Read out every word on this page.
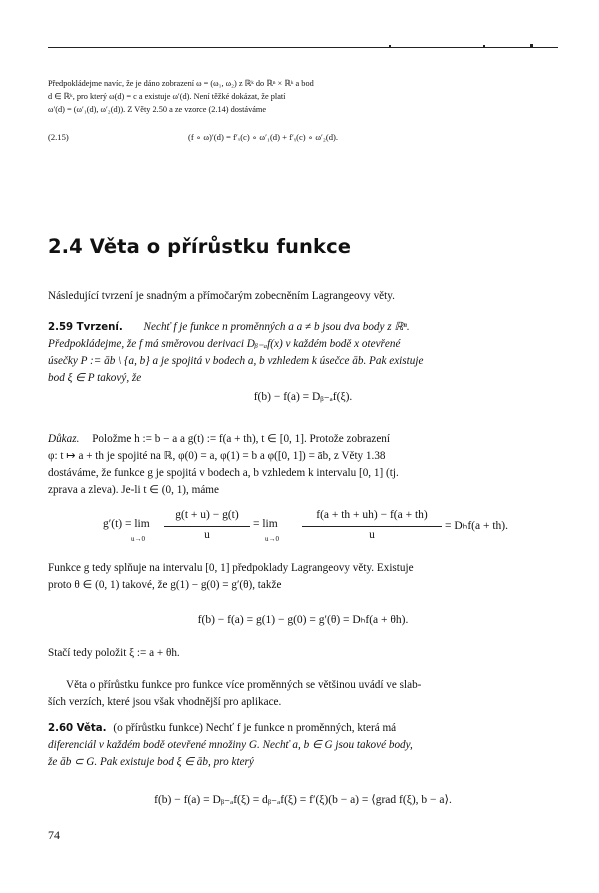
Předpokládejme navíc, že je dáno zobrazení ω = (ω₁, ω₂) z ℝᵏ do ℝⁿ × ℝᵏ a bod
d ∈ ℝᵏ, pro který ω(d) = c a existuje ω′(d). Není těžké dokázat, že platí
ω′(d) = (ω′₁(d), ω′₂(d)). Z Věty 2.50 a ze vzorce (2.14) dostáváme
(2.15)	(f ∘ ω)′(d) = f′ₓ(c) ∘ ω′₁(d) + f′ᵧ(c) ∘ ω′₂(d).
2.4 Věta o přírůstku funkce
Následující tvrzení je snadným a přímočarým zobecněním Lagrangeovy věty.
2.59 Tvrzení. Nechť f je funkce n proměnných a a ≠ b jsou dva body z ℝⁿ.
Předpokládejme, že f má směrovou derivaci Dᵦ₋ₐf(x) v každém bodě x otevřené
úsečky P := āb \ {a, b} a je spojitá v bodech a, b vzhledem k úsečce āb. Pak existuje
bod ξ ∈ P takový, že
f(b) − f(a) = Dᵦ₋ₐf(ξ).
Důkaz. Položme h := b − a a g(t) := f(a + th), t ∈ [0, 1]. Protože zobrazení
φ: t ↦ a + th je spojité na ℝ, φ(0) = a, φ(1) = b a φ([0, 1]) = āb, z Věty 1.38
dostáváme, že funkce g je spojitá v bodech a, b vzhledem k intervalu [0, 1] (tj.
zprava a zleva). Je-li t ∈ (0, 1), máme
g′(t) = lim
u→0
g(t + u) − g(t)
u
= lim
u→0
f(a + th + uh) − f(a + th)
u
= Dₕf(a + th).
Funkce g tedy splňuje na intervalu [0, 1] předpoklady Lagrangeovy věty. Existuje
proto θ ∈ (0, 1) takové, že g(1) − g(0) = g′(θ), takže
f(b) − f(a) = g(1) − g(0) = g′(θ) = Dₕf(a + θh).
Stačí tedy položit ξ := a + θh.
Věta o přírůstku funkce pro funkce více proměnných se většinou uvádí ve slab-
ších verzích, které jsou však vhodnější pro aplikace.
2.60 Věta. (o přírůstku funkce) Nechť f je funkce n proměnných, která má
diferenciál v každém bodě otevřené množiny G. Nechť a, b ∈ G jsou takové body,
že āb ⊂ G. Pak existuje bod ξ ∈ āb, pro který
f(b) − f(a) = Dᵦ₋ₐf(ξ) = dᵦ₋ₐf(ξ) = f′(ξ)(b − a) = ⟨grad f(ξ), b − a⟩.
74
